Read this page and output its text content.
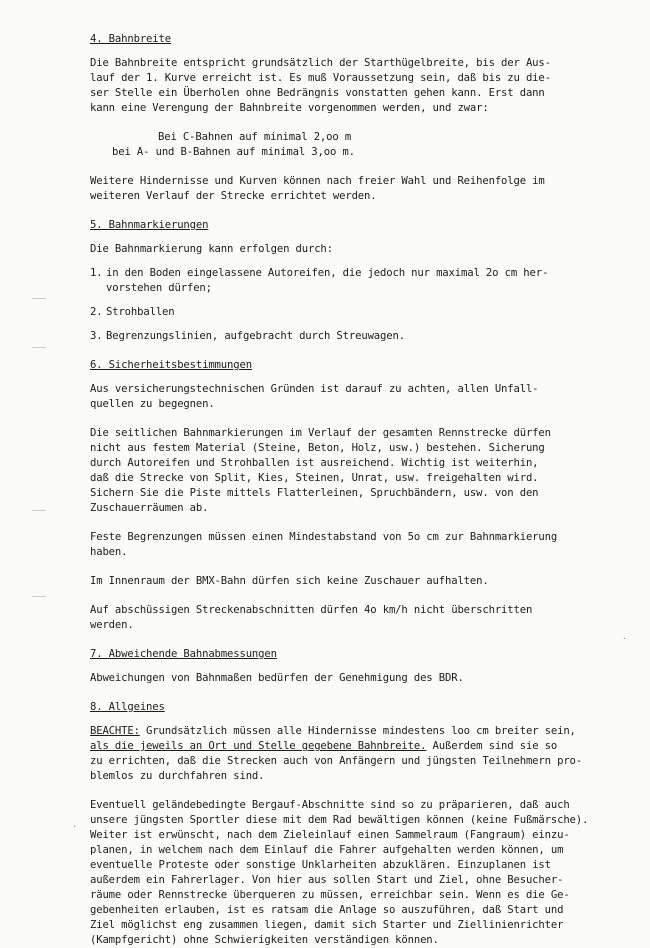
·
·

4. Bahnbreite

Die Bahnbreite entspricht grundsätzlich der Starthügelbreite, bis der Aus-

lauf der 1. Kurve erreicht ist. Es muß Voraussetzung sein, daß bis zu die-

ser Stelle ein Überholen ohne Bedrängnis vonstatten gehen kann. Erst dann

kann eine Verengung der Bahnbreite vorgenommen werden, und zwar:

Bei C-Bahnen auf minimal 2,oo m

bei A- und B-Bahnen auf minimal 3,oo m.

Weitere Hindernisse und Kurven können nach freier Wahl und Reihenfolge im

weiteren Verlauf der Strecke errichtet werden.

5. Bahnmarkierungen

Die Bahnmarkierung kann erfolgen durch:

1. in den Boden eingelassene Autoreifen, die jedoch nur maximal 2o cm her-

vorstehen dürfen;

2. Strohballen

3. Begrenzungslinien, aufgebracht durch Streuwagen.

6. Sicherheitsbestimmungen

Aus versicherungstechnischen Gründen ist darauf zu achten, allen Unfall-

quellen zu begegnen.

Die seitlichen Bahnmarkierungen im Verlauf der gesamten Rennstrecke dürfen

nicht aus festem Material (Steine, Beton, Holz, usw.) bestehen. Sicherung

durch Autoreifen und Strohballen ist ausreichend. Wichtig ist weiterhin,

daß die Strecke von Split, Kies, Steinen, Unrat, usw. freigehalten wird.

Sichern Sie die Piste mittels Flatterleinen, Spruchbändern, usw. von den

Zuschauerräumen ab.

Feste Begrenzungen müssen einen Mindestabstand von 5o cm zur Bahnmarkierung

haben.

Im Innenraum der BMX-Bahn dürfen sich keine Zuschauer aufhalten.

Auf abschüssigen Streckenabschnitten dürfen 4o km/h nicht überschritten

werden.

7. Abweichende Bahnabmessungen

Abweichungen von Bahnmaßen bedürfen der Genehmigung des BDR.

8. Allgeines

BEACHTE: Grundsätzlich müssen alle Hindernisse mindestens loo cm breiter sein,

als die jeweils an Ort und Stelle gegebene Bahnbreite. Außerdem sind sie so

zu errichten, daß die Strecken auch von Anfängern und jüngsten Teilnehmern pro-

blemlos zu durchfahren sind.

Eventuell geländebedingte Bergauf-Abschnitte sind so zu präparieren, daß auch

unsere jüngsten Sportler diese mit dem Rad bewältigen können (keine Fußmärsche).

Weiter ist erwünscht, nach dem Zieleinlauf einen Sammelraum (Fangraum) einzu-

planen, in welchem nach dem Einlauf die Fahrer aufgehalten werden können, um

eventuelle Proteste oder sonstige Unklarheiten abzuklären. Einzuplanen ist

außerdem ein Fahrerlager. Von hier aus sollen Start und Ziel, ohne Besucher-

räume oder Rennstrecke überqueren zu müssen, erreichbar sein. Wenn es die Ge-

gebenheiten erlauben, ist es ratsam die Anlage so auszuführen, daß Start und

Ziel möglichst eng zusammen liegen, damit sich Starter und Ziellinienrichter

(Kampfgericht) ohne Schwierigkeiten verständigen können.
